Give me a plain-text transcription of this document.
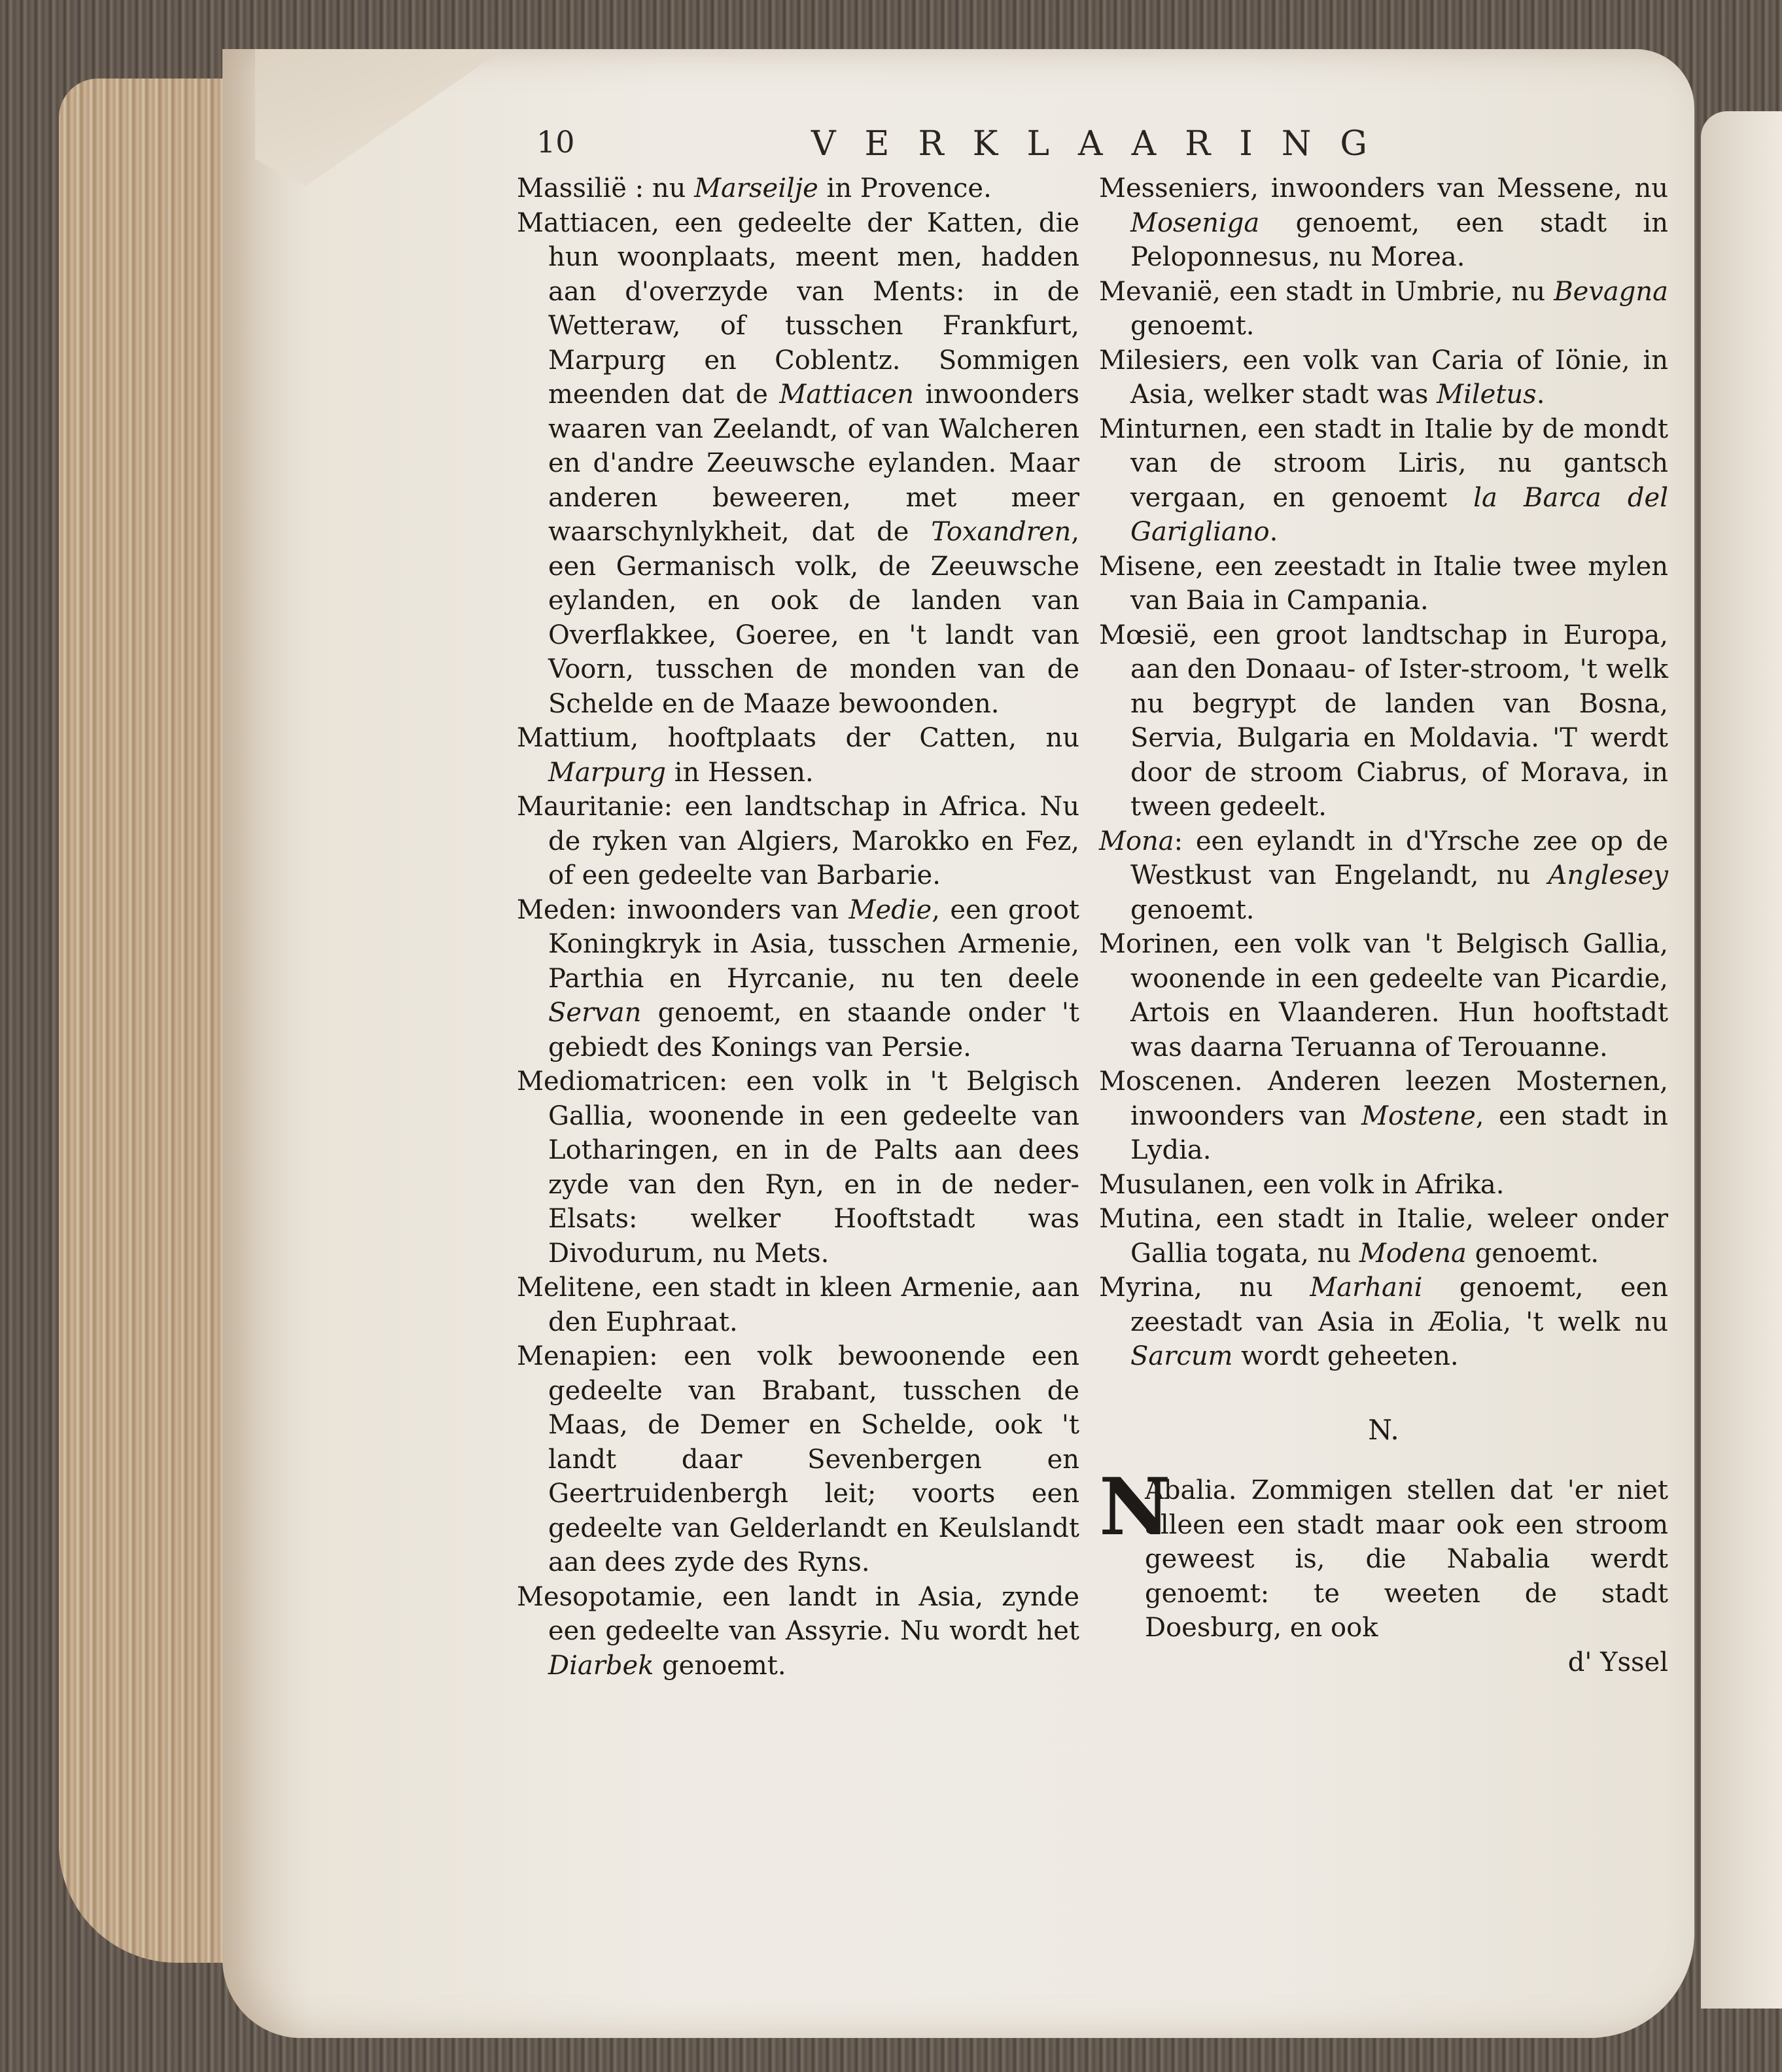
10	VERKLAARING

Massiliё : nu Marseilje in Provence.

Mattiacen, een gedeelte der Katten, die hun woonplaats, meent men, hadden aan d'overzyde van Ments: in de Wetteraw, of tusschen Frankfurt, Marpurg en Coblentz. Sommigen meenden dat de Mattiacen inwoonders waaren van Zeelandt, of van Walcheren en d'andre Zeeuwsche eylanden. Maar anderen beweeren, met meer waarschynlykheit, dat de Toxandren, een Germanisch volk, de Zeeuwsche eylanden, en ook de landen van Overflakkee, Goeree, en 't landt van Voorn, tusschen de monden van de Schelde en de Maaze bewoonden.

Mattium, hooftplaats der Catten, nu Marpurg in Hessen.

Mauritanie: een landtschap in Africa. Nu de ryken van Algiers, Marokko en Fez, of een gedeelte van Barbarie.

Meden: inwoonders van Medie, een groot Koningkryk in Asia, tusschen Armenie, Parthia en Hyrcanie, nu ten deele Servan genoemt, en staande onder 't gebiedt des Konings van Persie.

Mediomatricen: een volk in 't Belgisch Gallia, woonende in een gedeelte van Lotharingen, en in de Palts aan dees zyde van den Ryn, en in de neder-Elsats: welker Hooftstadt was Divodurum, nu Mets.

Melitene, een stadt in kleen Armenie, aan den Euphraat.

Menapien: een volk bewoonende een gedeelte van Brabant, tusschen de Maas, de Demer en Schelde, ook 't landt daar Sevenbergen en Geertruidenbergh leit; voorts een gedeelte van Gelderlandt en Keulslandt aan dees zyde des Ryns.

Mesopotamie, een landt in Asia, zynde een gedeelte van Assyrie. Nu wordt het Diarbek genoemt.

Messeniers, inwoonders van Messene, nu Moseniga genoemt, een stadt in Peloponnesus, nu Morea.

Mevaniё, een stadt in Umbrie, nu Bevagna genoemt.

Milesiers, een volk van Caria of Iönie, in Asia, welker stadt was Miletus.

Minturnen, een stadt in Italie by de mondt van de stroom Liris, nu gantsch vergaan, en genoemt la Barca del Garigliano.

Misene, een zeestadt in Italie twee mylen van Baia in Campania.

Mœsiё, een groot landtschap in Europa, aan den Donaau- of Ister-stroom, 't welk nu begrypt de landen van Bosna, Servia, Bulgaria en Moldavia. 'T werdt door de stroom Ciabrus, of Morava, in tween gedeelt.

Mona: een eylandt in d'Yrsche zee op de Westkust van Engelandt, nu Anglesey genoemt.

Morinen, een volk van 't Belgisch Gallia, woonende in een gedeelte van Picardie, Artois en Vlaanderen. Hun hooftstadt was daarna Teruanna of Terouanne.

Moscenen. Anderen leezen Mosternen, inwoonders van Mostene, een stadt in Lydia.

Musulanen, een volk in Afrika.

Mutina, een stadt in Italie, weleer onder Gallia togata, nu Modena genoemt.

Myrina, nu Marhani genoemt, een zeestadt van Asia in Æolia, 't welk nu Sarcum wordt geheeten.

N.
N
Abalia. Zommigen stellen dat 'er niet alleen een stadt maar ook een stroom geweest is, die Nabalia werdt genoemt: te weeten de stadt Doesburg, en ook
d' Yssel
